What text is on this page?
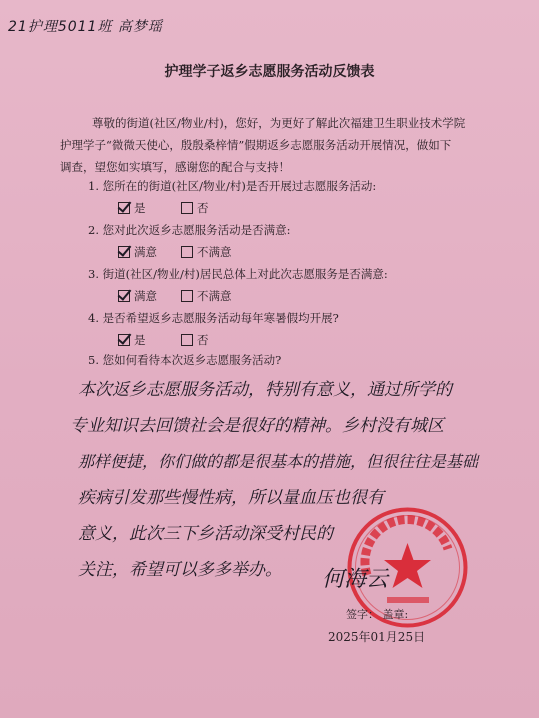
21护理5011班 高梦瑶
护理学子返乡志愿服务活动反馈表

尊敬的街道(社区/物业/村)，您好，为更好了解此次福建卫生职业技术学院

护理学子“微微天使心，殷殷桑梓情”假期返乡志愿服务活动开展情况，做如下

调查，望您如实填写，感谢您的配合与支持！

1. 您所在的街道(社区/物业/村)是否开展过志愿服务活动:
是	否
2. 您对此次返乡志愿服务活动是否满意:
满意	不满意
3. 街道(社区/物业/村)居民总体上对此次志愿服务是否满意:
满意	不满意
4. 是否希望返乡志愿服务活动每年寒暑假均开展?
是	否
5. 您如何看待本次返乡志愿服务活动?

本次返乡志愿服务活动，特别有意义，通过所学的

专业知识去回馈社会是很好的精神。乡村没有城区

那样便捷，你们做的都是很基本的措施，但很往往是基础

疾病引发那些慢性病，所以量血压也很有

意义，此次三下乡活动深受村民的

关注，希望可以多多举办。	何海云
签字： 盖章:
2025年01月25日
